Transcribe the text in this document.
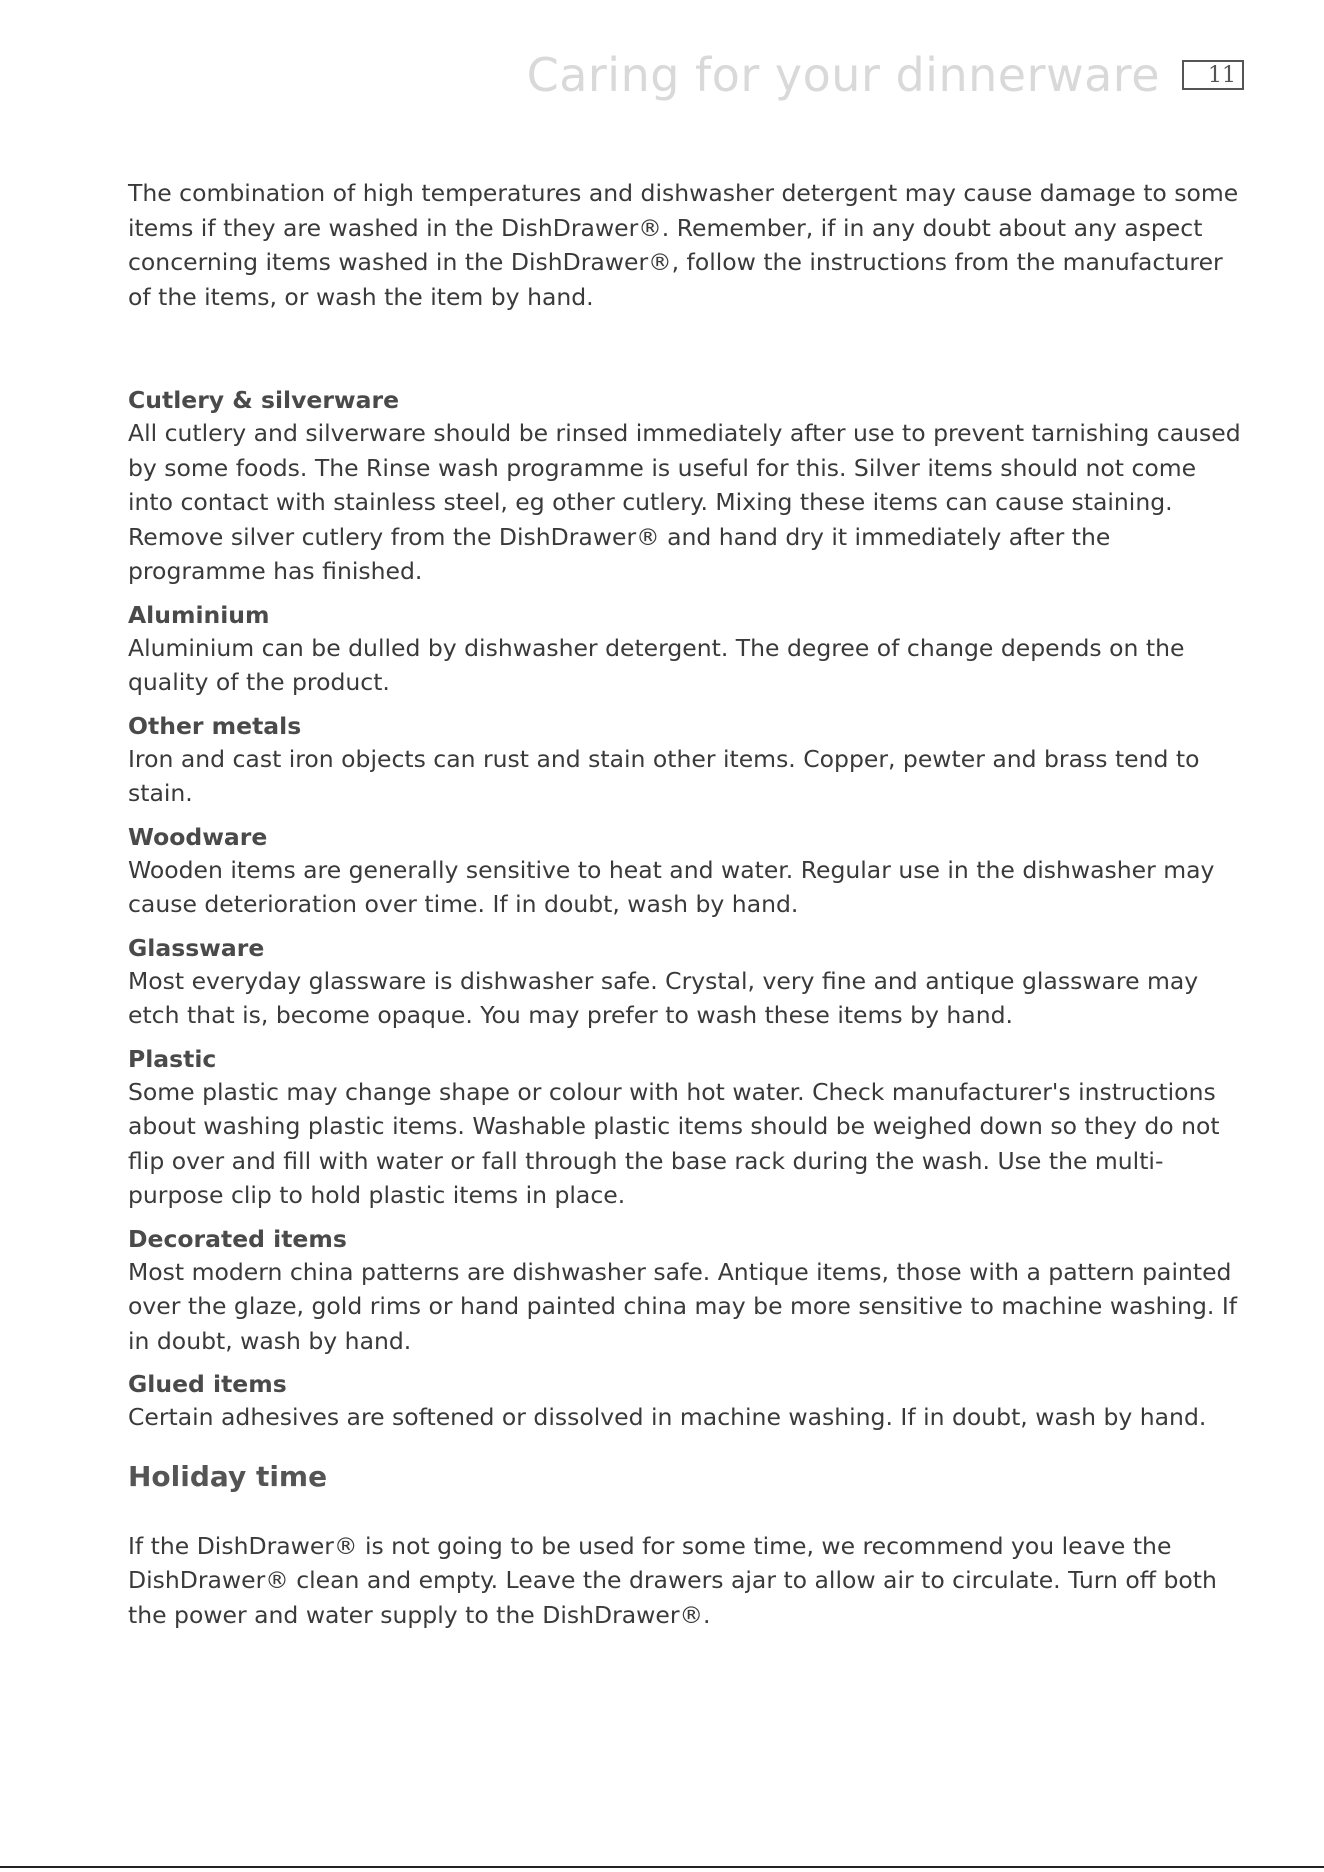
Caring for your dinnerware	11

The combination of high temperatures and dishwasher detergent may cause damage to some items if they are washed in the DishDrawer®. Remember, if in any doubt about any aspect concerning items washed in the DishDrawer®, follow the instructions from the manufacturer of the items, or wash the item by hand.

Cutlery & silverware

All cutlery and silverware should be rinsed immediately after use to prevent tarnishing caused by some foods. The Rinse wash programme is useful for this. Silver items should not come into contact with stainless steel, eg other cutlery. Mixing these items can cause staining. Remove silver cutlery from the DishDrawer® and hand dry it immediately after the programme has finished.

Aluminium

Aluminium can be dulled by dishwasher detergent. The degree of change depends on the quality of the product.

Other metals

Iron and cast iron objects can rust and stain other items. Copper, pewter and brass tend to stain.

Woodware

Wooden items are generally sensitive to heat and water. Regular use in the dishwasher may cause deterioration over time. If in doubt, wash by hand.

Glassware

Most everyday glassware is dishwasher safe. Crystal, very fine and antique glassware may etch that is, become opaque. You may prefer to wash these items by hand.

Plastic

Some plastic may change shape or colour with hot water. Check manufacturer's instructions about washing plastic items. Washable plastic items should be weighed down so they do not flip over and fill with water or fall through the base rack during the wash. Use the multi-purpose clip to hold plastic items in place.

Decorated items

Most modern china patterns are dishwasher safe. Antique items, those with a pattern painted over the glaze, gold rims or hand painted china may be more sensitive to machine washing. If in doubt, wash by hand.

Glued items

Certain adhesives are softened or dissolved in machine washing. If in doubt, wash by hand.

Holiday time

If the DishDrawer® is not going to be used for some time, we recommend you leave the DishDrawer® clean and empty. Leave the drawers ajar to allow air to circulate. Turn off both the power and water supply to the DishDrawer®.
